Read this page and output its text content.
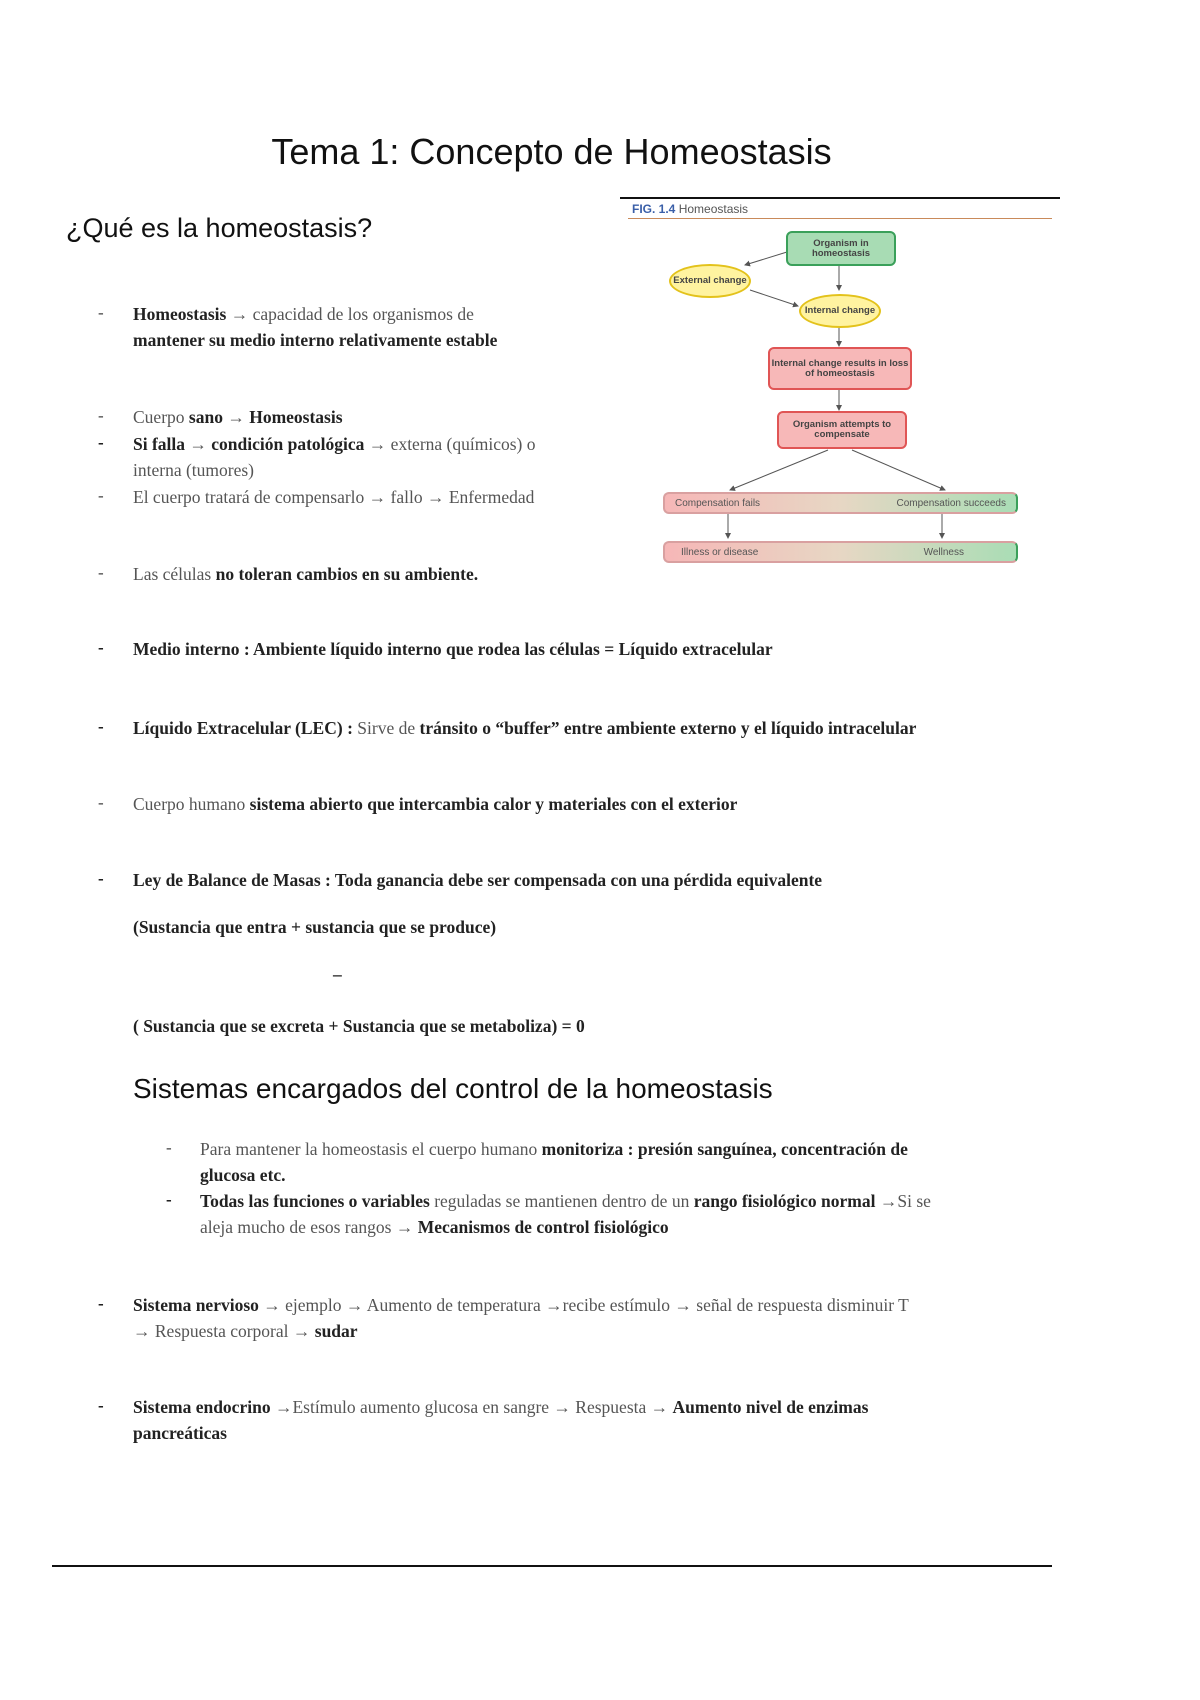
Tema 1: Concepto de Homeostasis
¿Qué es la homeostasis?
FIG. 1.4 Homeostasis
Organism in homeostasis
External change
Internal change
Internal change results in loss of homeostasis
Organism attempts to compensate
Compensation fails	Compensation succeeds
Illness or disease	Wellness
- Homeostasis → capacidad de los organismos de
mantener su medio interno relativamente estable
- Cuerpo sano → Homeostasis
- Si falla → condición patológica → externa (químicos) o
interna (tumores)
- El cuerpo tratará de compensarlo → fallo → Enfermedad
- Las células no toleran cambios en su ambiente.
- Medio interno : Ambiente líquido interno que rodea las células = Líquido extracelular
- Líquido Extracelular (LEC) : Sirve de tránsito o “buffer” entre ambiente externo y el líquido intracelular
- Cuerpo humano sistema abierto que intercambia calor y materiales con el exterior
- Ley de Balance de Masas : Toda ganancia debe ser compensada con una pérdida equivalente
(Sustancia que entra + sustancia que se produce)
–
( Sustancia que se excreta + Sustancia que se metaboliza) = 0
Sistemas encargados del control de la homeostasis
- Para mantener la homeostasis el cuerpo humano monitoriza : presión sanguínea, concentración de
glucosa etc.
- Todas las funciones o variables reguladas se mantienen dentro de un rango fisiológico normal →Si se
aleja mucho de esos rangos → Mecanismos de control fisiológico
- Sistema nervioso → ejemplo → Aumento de temperatura →recibe estímulo → señal de respuesta disminuir T
→ Respuesta corporal → sudar
- Sistema endocrino →Estímulo aumento glucosa en sangre → Respuesta → Aumento nivel de enzimas
pancreáticas
